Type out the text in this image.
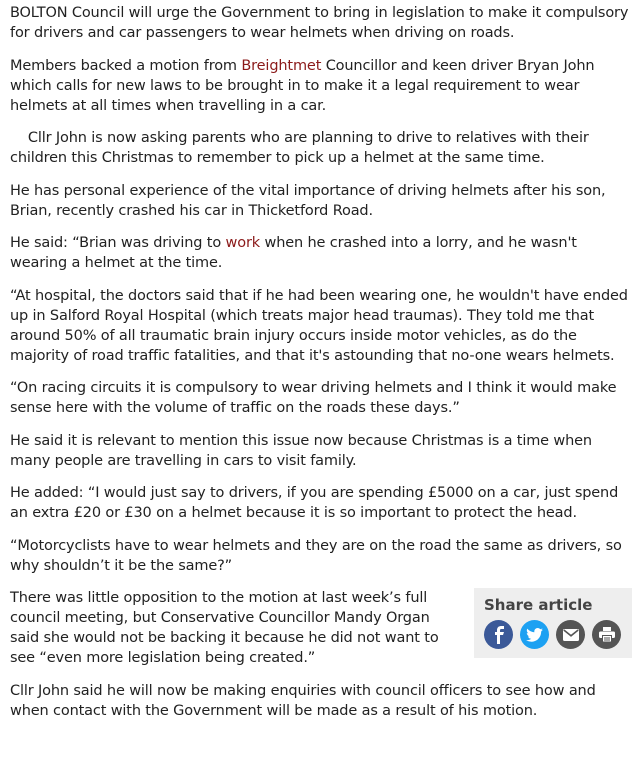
BOLTON Council will urge the Government to bring in legislation to make it compulsory for drivers and car passengers to wear helmets when driving on roads.

Members backed a motion from Breightmet Councillor and keen driver Bryan John which calls for new laws to be brought in to make it a legal requirement to wear helmets at all times when travelling in a car.

Cllr John is now asking parents who are planning to drive to relatives with their children this Christmas to remember to pick up a helmet at the same time.

He has personal experience of the vital importance of driving helmets after his son, Brian, recently crashed his car in Thicketford Road.

He said: “Brian was driving to work when he crashed into a lorry, and he wasn't wearing a helmet at the time.

“At hospital, the doctors said that if he had been wearing one, he wouldn't have ended up in Salford Royal Hospital (which treats major head traumas). They told me that around 50% of all traumatic brain injury occurs inside motor vehicles, as do the majority of road traffic fatalities, and that it's astounding that no-one wears helmets.

“On racing circuits it is compulsory to wear driving helmets and I think it would make sense here with the volume of traffic on the roads these days.”

He said it is relevant to mention this issue now because Christmas is a time when many people are travelling in cars to visit family.

He added: “I would just say to drivers, if you are spending £5000 on a car, just spend an extra £20 or £30 on a helmet because it is so important to protect the head.

“Motorcyclists have to wear helmets and they are on the road the same as drivers, so why shouldn’t it be the same?”

Share article

There was little opposition to the motion at last week’s full council meeting, but Conservative Councillor Mandy Organ said she would not be backing it because he did not want to see “even more legislation being created.”

Cllr John said he will now be making enquiries with council officers to see how and when contact with the Government will be made as a result of his motion.
